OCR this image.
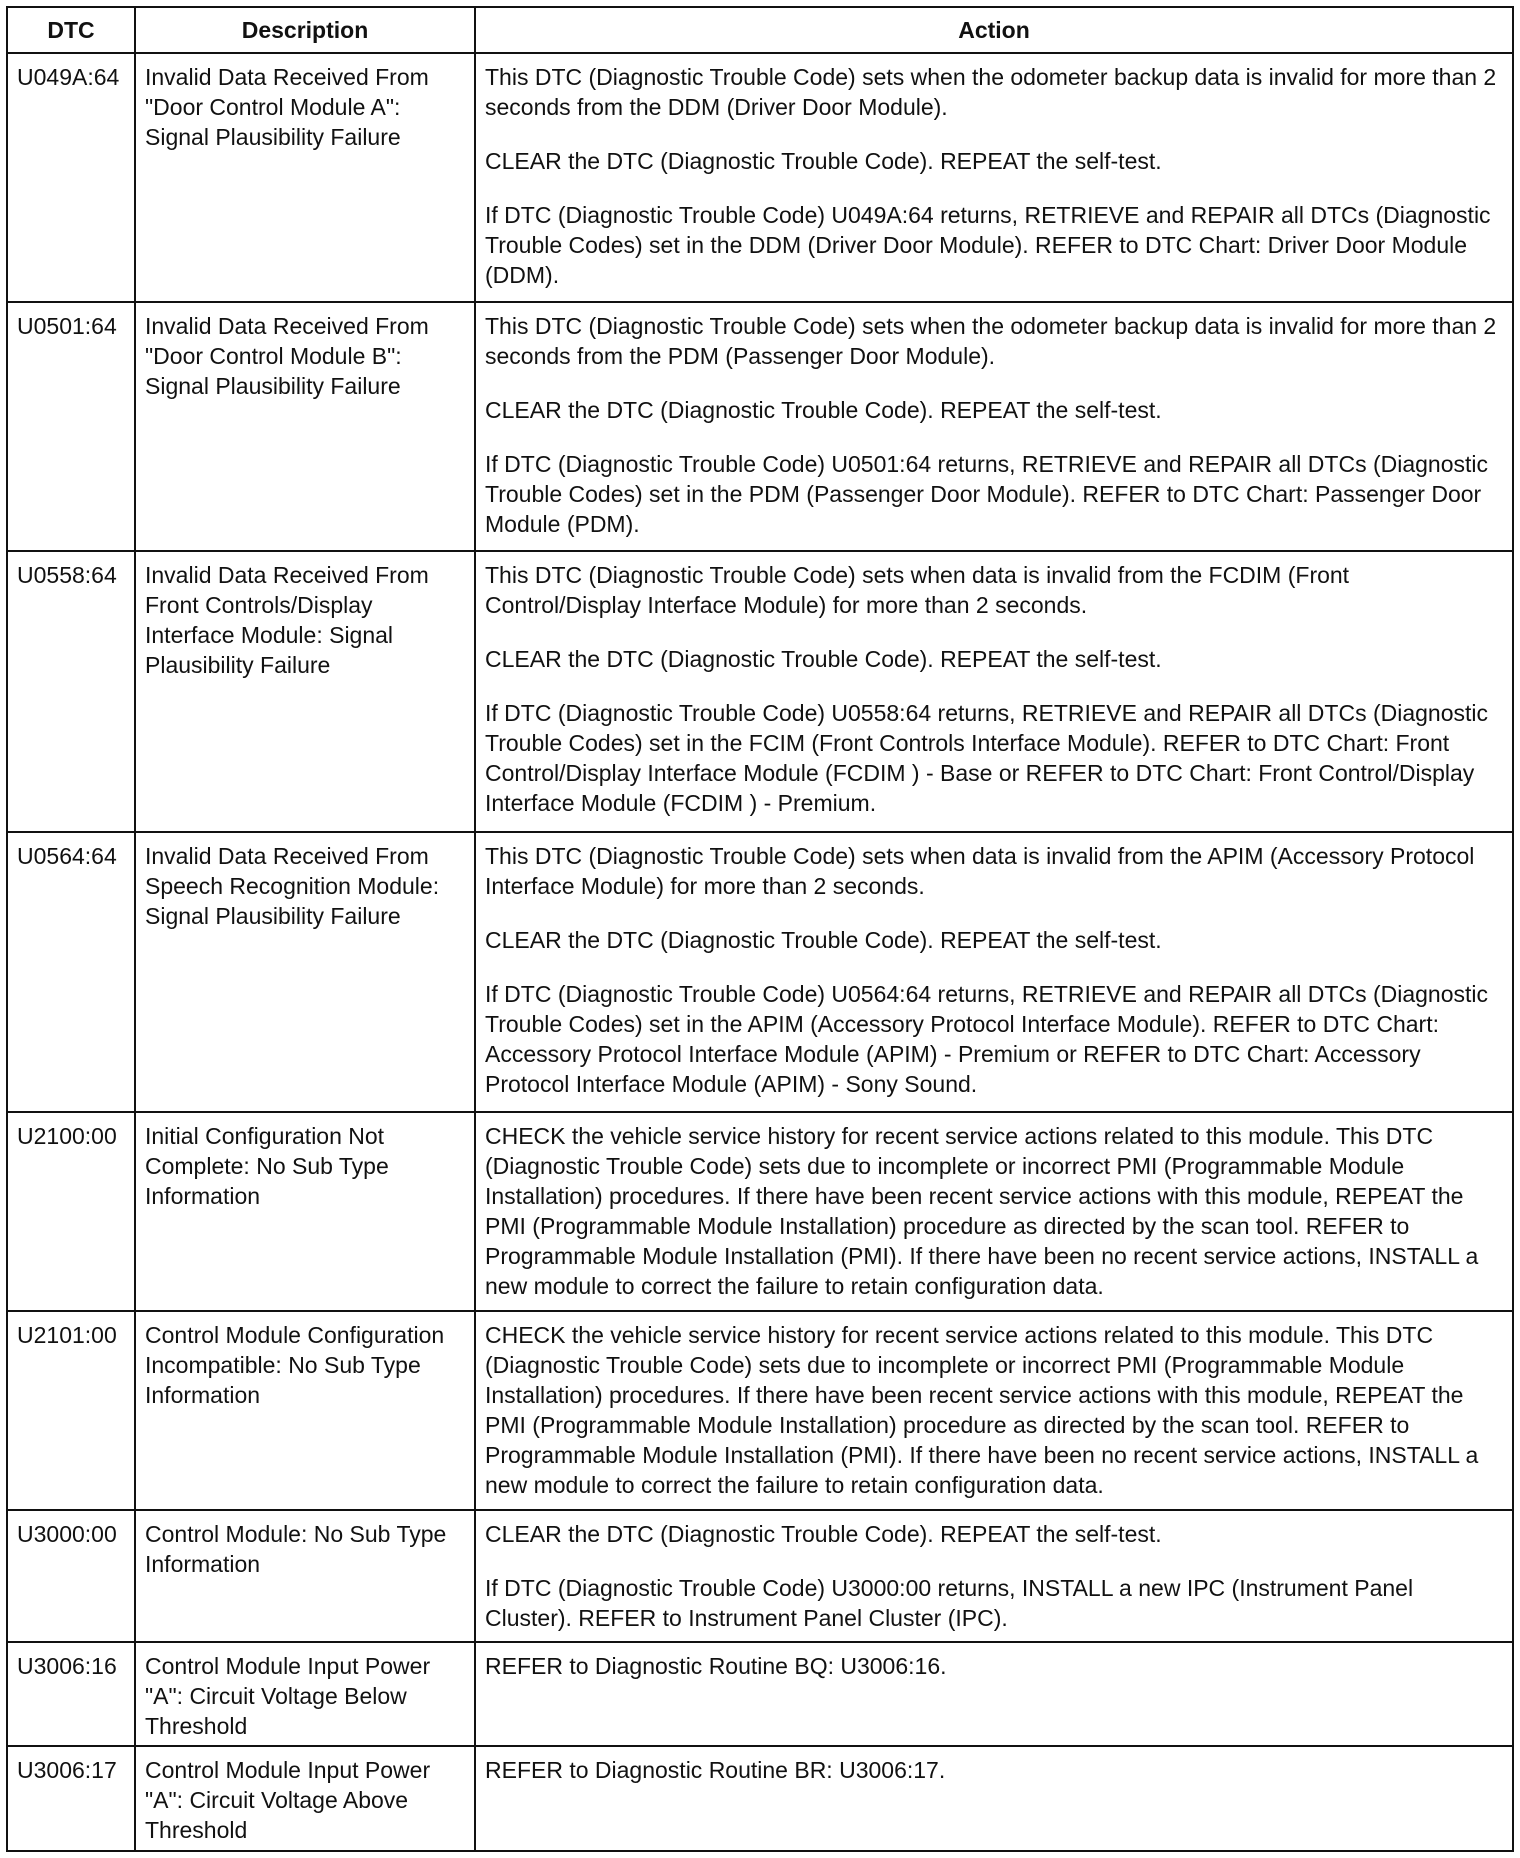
DTC	Description	Action
U049A:64	Invalid Data Received From "Door Control Module A": Signal Plausibility Failure	This DTC (Diagnostic Trouble Code) sets when the odometer backup data is invalid for more than 2 seconds from the DDM (Driver Door Module).

CLEAR the DTC (Diagnostic Trouble Code). REPEAT the self-test.

If DTC (Diagnostic Trouble Code) U049A:64 returns, RETRIEVE and REPAIR all DTCs (Diagnostic Trouble Codes) set in the DDM (Driver Door Module). REFER to DTC Chart: Driver Door Module (DDM).

U0501:64	Invalid Data Received From "Door Control Module B": Signal Plausibility Failure	This DTC (Diagnostic Trouble Code) sets when the odometer backup data is invalid for more than 2 seconds from the PDM (Passenger Door Module).

CLEAR the DTC (Diagnostic Trouble Code). REPEAT the self-test.

If DTC (Diagnostic Trouble Code) U0501:64 returns, RETRIEVE and REPAIR all DTCs (Diagnostic Trouble Codes) set in the PDM (Passenger Door Module). REFER to DTC Chart: Passenger Door Module (PDM).

U0558:64	Invalid Data Received From Front Controls/Display Interface Module: Signal Plausibility Failure	This DTC (Diagnostic Trouble Code) sets when data is invalid from the FCDIM (Front Control/Display Interface Module) for more than 2 seconds.

CLEAR the DTC (Diagnostic Trouble Code). REPEAT the self-test.

If DTC (Diagnostic Trouble Code) U0558:64 returns, RETRIEVE and REPAIR all DTCs (Diagnostic Trouble Codes) set in the FCIM (Front Controls Interface Module). REFER to DTC Chart: Front Control/Display Interface Module (FCDIM ) - Base or REFER to DTC Chart: Front Control/Display Interface Module (FCDIM ) - Premium.

U0564:64	Invalid Data Received From Speech Recognition Module: Signal Plausibility Failure	This DTC (Diagnostic Trouble Code) sets when data is invalid from the APIM (Accessory Protocol Interface Module) for more than 2 seconds.

CLEAR the DTC (Diagnostic Trouble Code). REPEAT the self-test.

If DTC (Diagnostic Trouble Code) U0564:64 returns, RETRIEVE and REPAIR all DTCs (Diagnostic Trouble Codes) set in the APIM (Accessory Protocol Interface Module). REFER to DTC Chart: Accessory Protocol Interface Module (APIM) - Premium or REFER to DTC Chart: Accessory Protocol Interface Module (APIM) - Sony Sound.

U2100:00	Initial Configuration Not Complete: No Sub Type Information	CHECK the vehicle service history for recent service actions related to this module. This DTC (Diagnostic Trouble Code) sets due to incomplete or incorrect PMI (Programmable Module Installation) procedures. If there have been recent service actions with this module, REPEAT the PMI (Programmable Module Installation) procedure as directed by the scan tool. REFER to Programmable Module Installation (PMI). If there have been no recent service actions, INSTALL a new module to correct the failure to retain configuration data.

U2101:00	Control Module Configuration Incompatible: No Sub Type Information	CHECK the vehicle service history for recent service actions related to this module. This DTC (Diagnostic Trouble Code) sets due to incomplete or incorrect PMI (Programmable Module Installation) procedures. If there have been recent service actions with this module, REPEAT the PMI (Programmable Module Installation) procedure as directed by the scan tool. REFER to Programmable Module Installation (PMI). If there have been no recent service actions, INSTALL a new module to correct the failure to retain configuration data.

U3000:00	Control Module: No Sub Type Information	CLEAR the DTC (Diagnostic Trouble Code). REPEAT the self-test.

If DTC (Diagnostic Trouble Code) U3000:00 returns, INSTALL a new IPC (Instrument Panel Cluster). REFER to Instrument Panel Cluster (IPC).

U3006:16	Control Module Input Power "A": Circuit Voltage Below Threshold	REFER to Diagnostic Routine BQ: U3006:16.

U3006:17	Control Module Input Power "A": Circuit Voltage Above Threshold	REFER to Diagnostic Routine BR: U3006:17.
